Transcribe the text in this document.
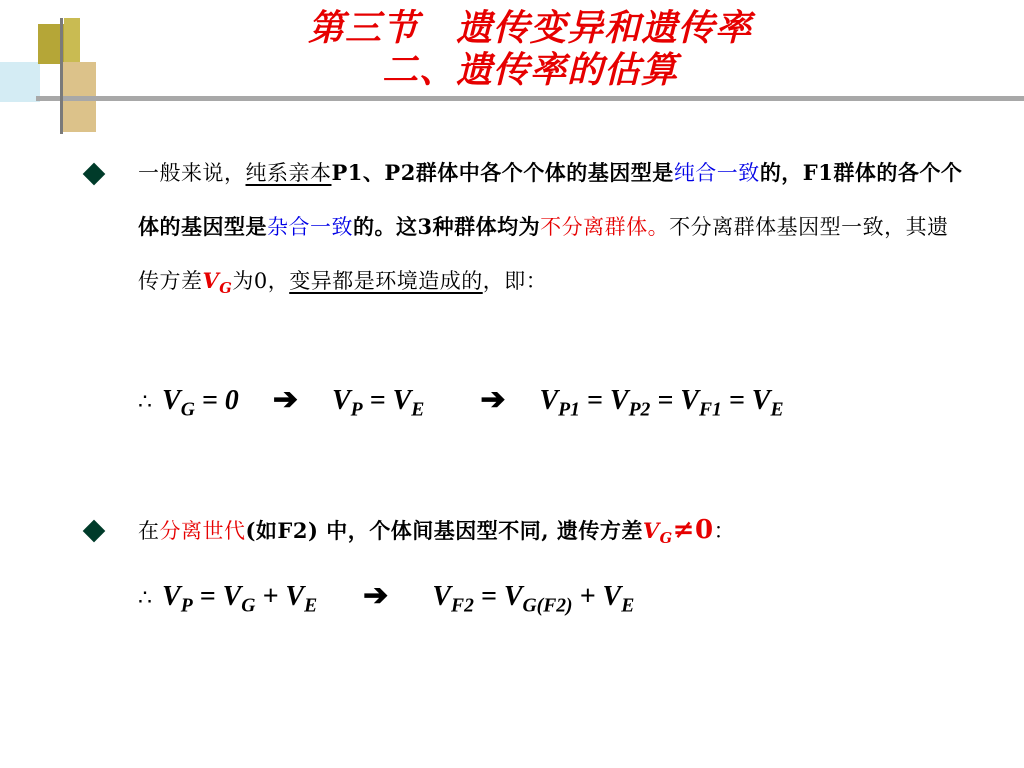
第三节　遗传变异和遗传率
二、遗传率的估算
一般来说，纯系亲本P1、P2群体中各个个体的基因型是纯合一致的，F1群体的各个个体的基因型是杂合一致的。这3种群体均为不分离群体。不分离群体基因型一致，其遗传方差$V_G$为0，变异都是环境造成的，即：
∴ $V_G = 0$ ➔ $V_P = V_E$ ➔ $V_{P1} = V_{P2} = V_{F1} = V_E$
在分离世代(如F2) 中，个体间基因型不同, 遗传方差$V_G\ne 0$：
∴ $V_P = V_G + V_E$ ➔ $V_{F2} = V_{G(F2)} + V_E$
